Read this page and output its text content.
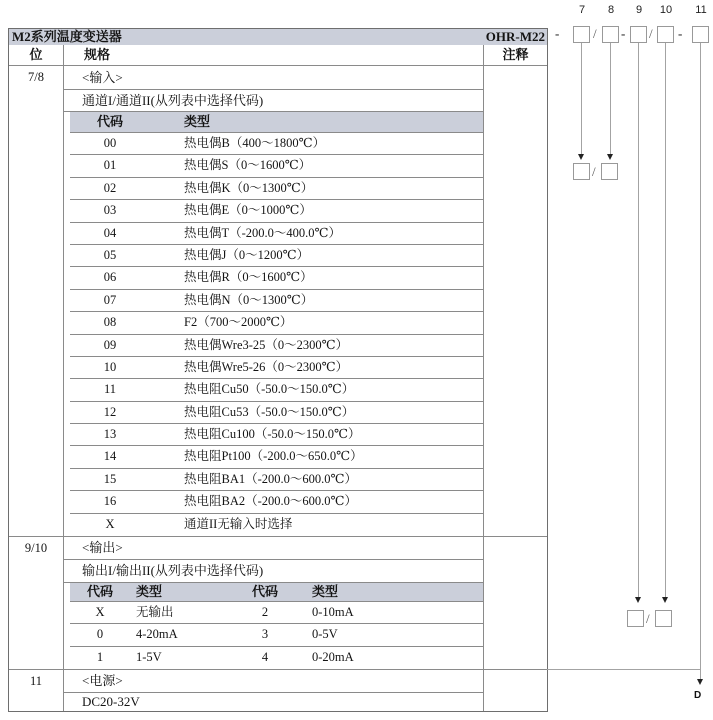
M2系列温度变送器	OHR-M22
位	规格	注释
7/8	<输入>
通道I/通道II(从列表中选择代码)
代码	类型
00	热电偶B（400～1800℃）
01	热电偶S（0～1600℃）
02	热电偶K（0～1300℃）
03	热电偶E（0～1000℃）
04	热电偶T（-200.0～400.0℃）
05	热电偶J（0～1200℃）
06	热电偶R（0～1600℃）
07	热电偶N（0～1300℃）
08	F2（700～2000℃）
09	热电偶Wre3-25（0～2300℃）
10	热电偶Wre5-26（0～2300℃）
11	热电阻Cu50（-50.0～150.0℃）
12	热电阻Cu53（-50.0～150.0℃）
13	热电阻Cu100（-50.0～150.0℃）
14	热电阻Pt100（-200.0～650.0℃）
15	热电阻BA1（-200.0～600.0℃）
16	热电阻BA2（-200.0～600.0℃）
X	通道II无输入时选择
9/10	<输出>
输出I/输出II(从列表中选择代码)
代码	类型	代码	类型
X	无输出	2	0-10mA
0	4-20mA	3	0-5V
1	1-5V	4	0-20mA
11	<电源>
DC20-32V
7	8	9	10	11
-	/ - / -
/
/
D
